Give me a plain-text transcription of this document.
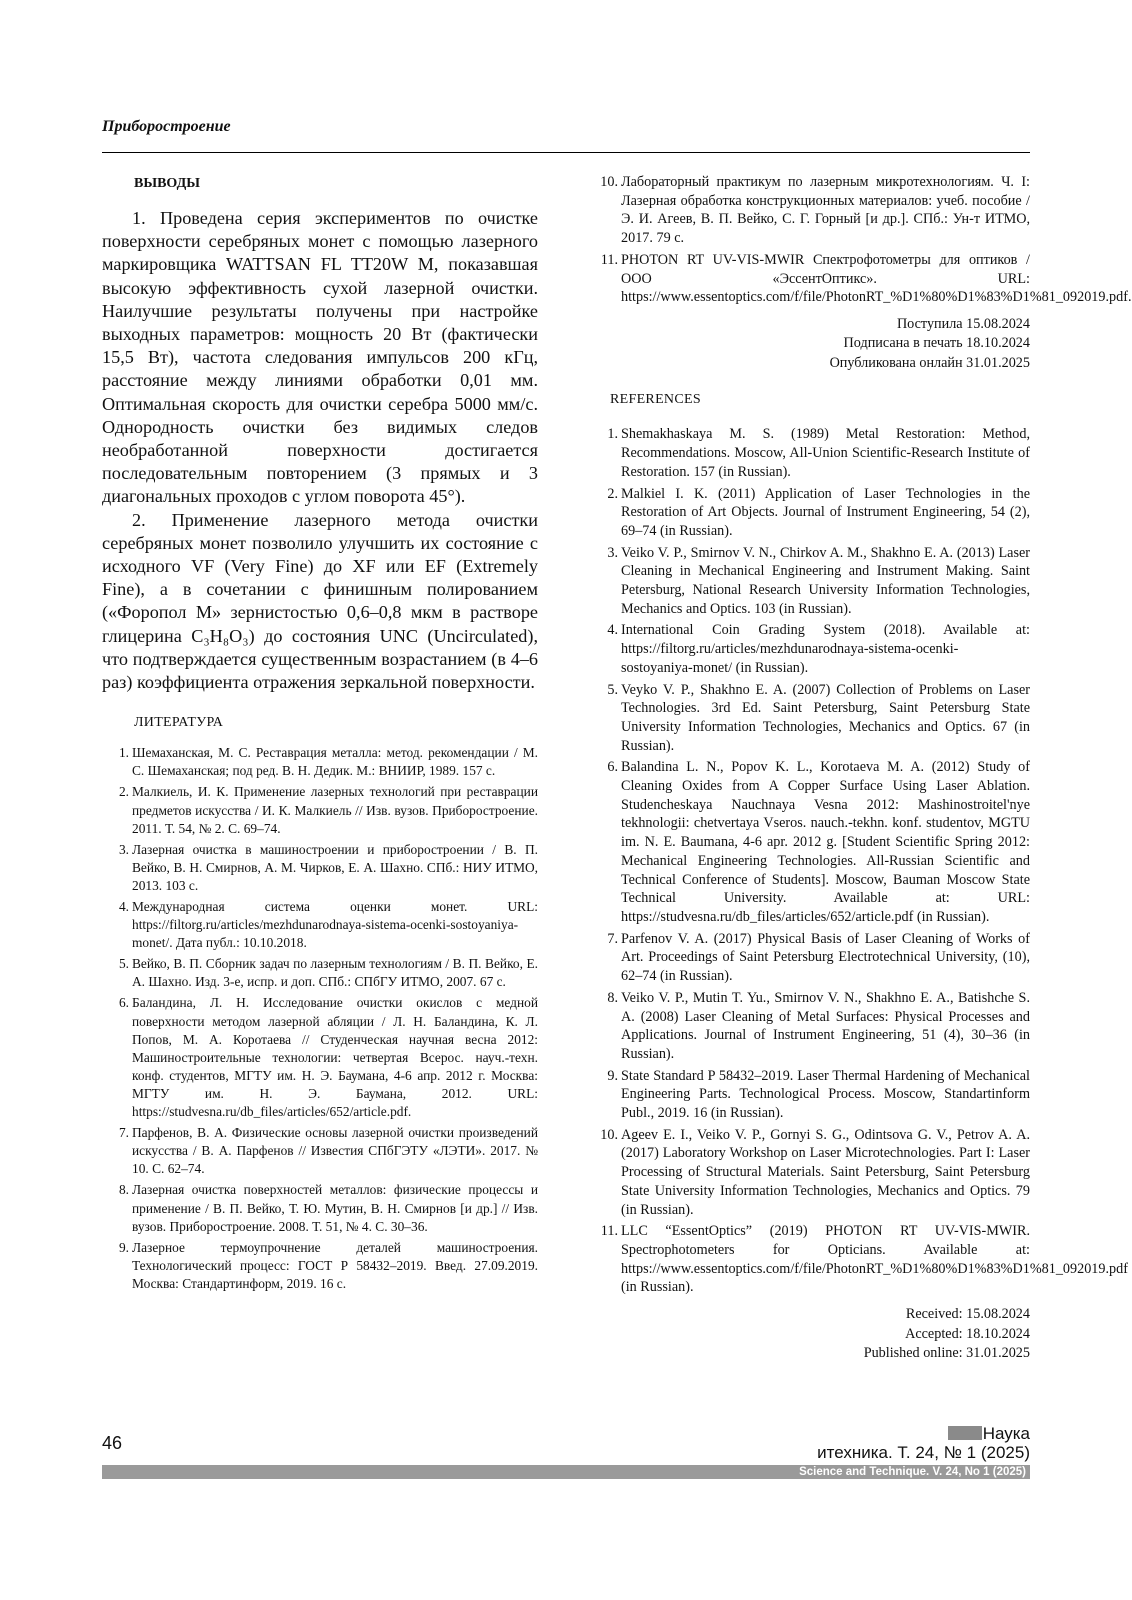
Приборостроение
ВЫВОДЫ

1. Проведена серия экспериментов по очистке поверхности серебряных монет с помощью лазерного маркировщика WATTSAN FL TT20W M, показавшая высокую эффективность сухой лазерной очистки. Наилучшие результаты получены при настройке выходных параметров: мощность 20 Вт (фактически 15,5 Вт), частота следования импульсов 200 кГц, расстояние между линиями обработки 0,01 мм. Оптимальная скорость для очистки серебра 5000 мм/с. Однородность очистки без видимых следов необработанной поверхности достигается последовательным повторением (3 прямых и 3 диагональных проходов с углом поворота 45°).

2. Применение лазерного метода очистки серебряных монет позволило улучшить их состояние с исходного VF (Very Fine) до XF или EF (Extremely Fine), а в сочетании с финишным полированием («Форопол М» зернистостью 0,6–0,8 мкм в растворе глицерина C₃H₈O₃) до состояния UNC (Uncirculated), что подтверждается существенным возрастанием (в 4–6 раз) коэффициента отражения зеркальной поверхности.

ЛИТЕРАТУРА
1. Шемаханская, М. С. Реставрация металла: метод. рекомендации / М. С. Шемаханская; под ред. В. Н. Дедик. М.: ВНИИР, 1989. 157 с.
2. Малкиель, И. К. Применение лазерных технологий при реставрации предметов искусства / И. К. Малкиель // Изв. вузов. Приборостроение. 2011. Т. 54, № 2. С. 69–74.
3. Лазерная очистка в машиностроении и приборостроении / В. П. Вейко, В. Н. Смирнов, А. М. Чирков, Е. А. Шахно. СПб.: НИУ ИТМО, 2013. 103 с.
4. Международная система оценки монет. URL: https://filtorg.ru/articles/mezhdunarodnaya-sistema-ocenki-sostoyaniya-monet/. Дата публ.: 10.10.2018.
5. Вейко, В. П. Сборник задач по лазерным технологиям / В. П. Вейко, Е. А. Шахно. Изд. 3-е, испр. и доп. СПб.: СПбГУ ИТМО, 2007. 67 с.
6. Баландина, Л. Н. Исследование очистки окислов с медной поверхности методом лазерной абляции / Л. Н. Баландина, К. Л. Попов, М. А. Коротаева // Студенческая научная весна 2012: Машиностроительные технологии: четвертая Всерос. науч.-техн. конф. студентов, МГТУ им. Н. Э. Баумана, 4-6 апр. 2012 г. Москва: МГТУ им. Н. Э. Баумана, 2012. URL: https://studvesna.ru/db_files/articles/652/article.pdf.
7. Парфенов, В. А. Физические основы лазерной очистки произведений искусства / В. А. Парфенов // Известия СПбГЭТУ «ЛЭТИ». 2017. № 10. С. 62–74.
8. Лазерная очистка поверхностей металлов: физические процессы и применение / В. П. Вейко, Т. Ю. Мутин, В. Н. Смирнов [и др.] // Изв. вузов. Приборостроение. 2008. Т. 51, № 4. С. 30–36.
9. Лазерное термоупрочнение деталей машиностроения. Технологический процесс: ГОСТ Р 58432–2019. Введ. 27.09.2019. Москва: Стандартинформ, 2019. 16 с.
10. Лабораторный практикум по лазерным микротехнологиям. Ч. I: Лазерная обработка конструкционных материалов: учеб. пособие / Э. И. Агеев, В. П. Вейко, С. Г. Горный [и др.]. СПб.: Ун-т ИТМО, 2017. 79 с.
11. PHOTON RT UV-VIS-MWIR Спектрофотометры для оптиков / ООО «ЭссентОптикс». URL: https://www.essentoptics.com/f/file/PhotonRT_%D1%80%D1%83%D1%81_092019.pdf.
Поступила 15.08.2024
Подписана в печать 18.10.2024
Опубликована онлайн 31.01.2025
REFERENCES
1. Shemakhaskaya M. S. (1989) Metal Restoration: Method, Recommendations. Moscow, All-Union Scientific-Research Institute of Restoration. 157 (in Russian).
2. Malkiel I. K. (2011) Application of Laser Technologies in the Restoration of Art Objects. Journal of Instrument Engineering, 54 (2), 69–74 (in Russian).
3. Veiko V. P., Smirnov V. N., Chirkov A. M., Shakhno E. A. (2013) Laser Cleaning in Mechanical Engineering and Instrument Making. Saint Petersburg, National Research University Information Technologies, Mechanics and Optics. 103 (in Russian).
4. International Coin Grading System (2018). Available at: https://filtorg.ru/articles/mezhdunarodnaya-sistema-ocenki-sostoyaniya-monet/ (in Russian).
5. Veyko V. P., Shakhno E. A. (2007) Collection of Problems on Laser Technologies. 3rd Ed. Saint Petersburg, Saint Petersburg State University Information Technologies, Mechanics and Optics. 67 (in Russian).
6. Balandina L. N., Popov K. L., Korotaeva M. A. (2012) Study of Cleaning Oxides from A Copper Surface Using Laser Ablation. Studencheskaya Nauchnaya Vesna 2012: Mashinostroitel'nye tekhnologii: chetvertaya Vseros. nauch.-tekhn. konf. studentov, MGTU im. N. E. Baumana, 4-6 apr. 2012 g. [Student Scientific Spring 2012: Mechanical Engineering Technologies. All-Russian Scientific and Technical Conference of Students]. Moscow, Bauman Moscow State Technical University. Available at: URL: https://studvesna.ru/db_files/articles/652/article.pdf (in Russian).
7. Parfenov V. A. (2017) Physical Basis of Laser Cleaning of Works of Art. Proceedings of Saint Petersburg Electrotechnical University, (10), 62–74 (in Russian).
8. Veiko V. P., Mutin T. Yu., Smirnov V. N., Shakhno E. A., Batishche S. A. (2008) Laser Cleaning of Metal Surfaces: Physical Processes and Applications. Journal of Instrument Engineering, 51 (4), 30–36 (in Russian).
9. State Standard P 58432–2019. Laser Thermal Hardening of Mechanical Engineering Parts. Technological Process. Moscow, Standartinform Publ., 2019. 16 (in Russian).
10. Ageev E. I., Veiko V. P., Gornyi S. G., Odintsova G. V., Petrov A. A. (2017) Laboratory Workshop on Laser Microtechnologies. Part I: Laser Processing of Structural Materials. Saint Petersburg, Saint Petersburg State University Information Technologies, Mechanics and Optics. 79 (in Russian).
11. LLC “EssentOptics” (2019) PHOTON RT UV-VIS-MWIR. Spectrophotometers for Opticians. Available at: https://www.essentoptics.com/f/file/PhotonRT_%D1%80%D1%83%D1%81_092019.pdf (in Russian).
Received: 15.08.2024
Accepted: 18.10.2024
Published online: 31.01.2025
46	Наука
итехника. Т. 24, № 1 (2025)
Science and Technique. V. 24, No 1 (2025)
